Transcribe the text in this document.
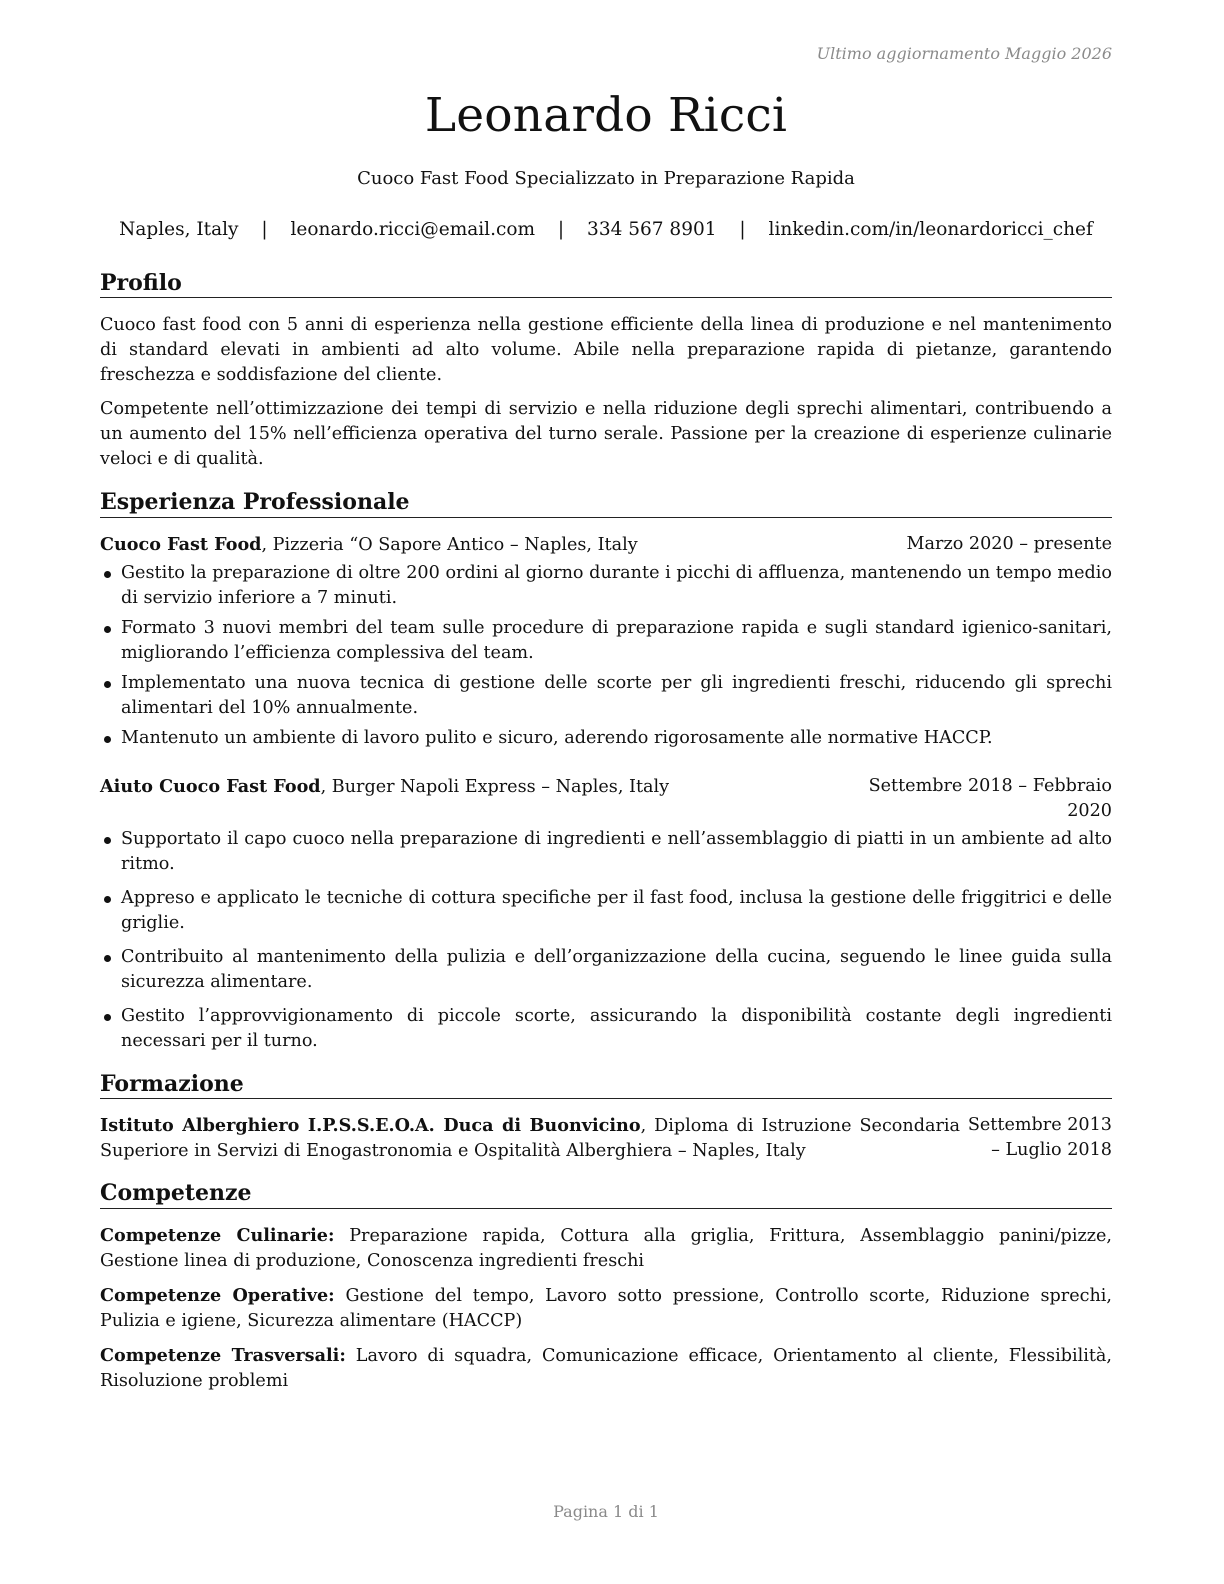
Ultimo aggiornamento Maggio 2026
Leonardo Ricci
Cuoco Fast Food Specializzato in Preparazione Rapida
Naples, Italy | leonardo.ricci@email.com | 334 567 8901 | linkedin.com/in/leonardoricci_chef
Profilo

Cuoco fast food con 5 anni di esperienza nella gestione efficiente della linea di produzione e nel mantenimento di standard elevati in ambienti ad alto volume. Abile nella preparazione rapida di pietanze, garantendo freschezza e soddisfazione del cliente.

Competente nell’ottimizzazione dei tempi di servizio e nella riduzione degli sprechi alimentari, contribuendo a un aumento del 15% nell’efficienza operativa del turno serale. Passione per la creazione di esperienze culinarie veloci e di qualità.

Esperienza Professionale
Cuoco Fast Food, Pizzeria “O Sapore Antico – Naples, Italy	Marzo 2020 – presente
Gestito la preparazione di oltre 200 ordini al giorno durante i picchi di affluenza, mantenendo un tempo medio di servizio inferiore a 7 minuti.
Formato 3 nuovi membri del team sulle procedure di preparazione rapida e sugli standard igienico-sanitari, migliorando l’efficienza complessiva del team.
Implementato una nuova tecnica di gestione delle scorte per gli ingredienti freschi, riducendo gli sprechi alimentari del 10% annualmente.
Mantenuto un ambiente di lavoro pulito e sicuro, aderendo rigorosamente alle normative HACCP.
Aiuto Cuoco Fast Food, Burger Napoli Express – Naples, Italy	Settembre 2018 – Febbraio 2020
Supportato il capo cuoco nella preparazione di ingredienti e nell’assemblaggio di piatti in un ambiente ad alto ritmo.
Appreso e applicato le tecniche di cottura specifiche per il fast food, inclusa la gestione delle friggitrici e delle griglie.
Contribuito al mantenimento della pulizia e dell’organizzazione della cucina, seguendo le linee guida sulla sicurezza alimentare.
Gestito l’approvvigionamento di piccole scorte, assicurando la disponibilità costante degli ingredienti necessari per il turno.
Formazione
Istituto Alberghiero I.P.S.S.E.O.A. Duca di Buonvicino, Diploma di Istruzione Secondaria Superiore in Servizi di Enogastronomia e Ospitalità Alberghiera – Naples, Italy
Settembre 2013 – Luglio 2018
Competenze

Competenze Culinarie: Preparazione rapida, Cottura alla griglia, Frittura, Assemblaggio panini/pizze, Gestione linea di produzione, Conoscenza ingredienti freschi

Competenze Operative: Gestione del tempo, Lavoro sotto pressione, Controllo scorte, Riduzione sprechi, Pulizia e igiene, Sicurezza alimentare (HACCP)

Competenze Trasversali: Lavoro di squadra, Comunicazione efficace, Orientamento al cliente, Flessibilità, Risoluzione problemi

Pagina 1 di 1
